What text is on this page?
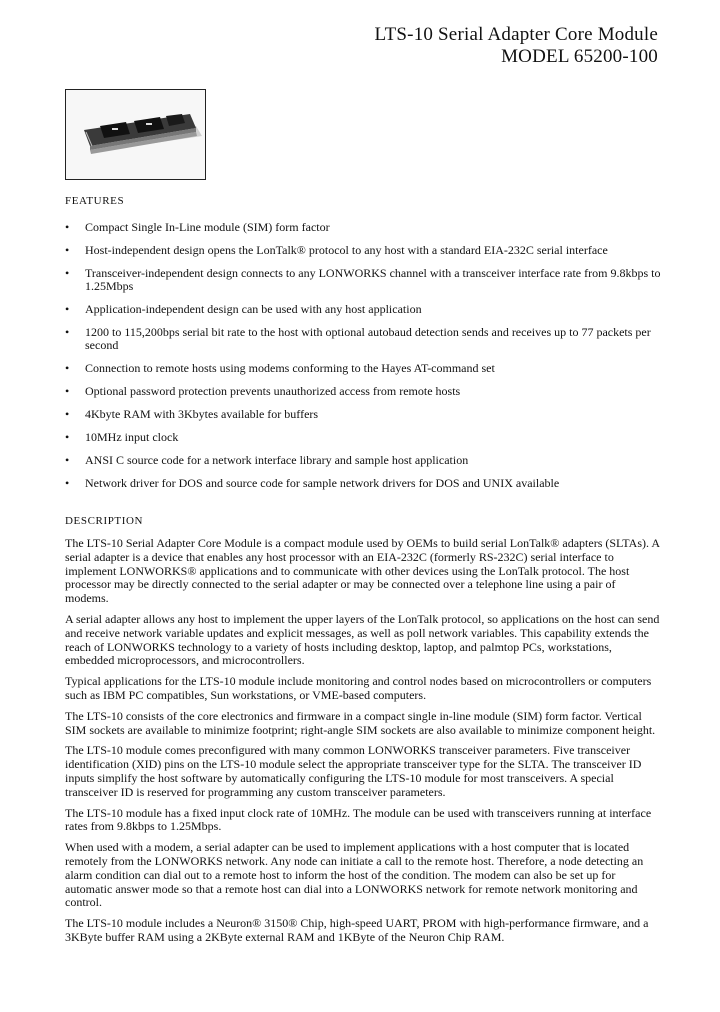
LTS-10 Serial Adapter Core Module
MODEL 65200-100
FEATURES
• Compact Single In-Line module (SIM) form factor
• Host-independent design opens the LonTalk® protocol to any host with a standard EIA-232C serial interface
• Transceiver-independent design connects to any LONWORKS channel with a transceiver interface rate from 9.8kbps to 1.25Mbps
• Application-independent design can be used with any host application
• 1200 to 115,200bps serial bit rate to the host with optional autobaud detection sends and receives up to 77 packets per second
• Connection to remote hosts using modems conforming to the Hayes AT-command set
• Optional password protection prevents unauthorized access from remote hosts
• 4Kbyte RAM with 3Kbytes available for buffers
• 10MHz input clock
• ANSI C source code for a network interface library and sample host application
• Network driver for DOS and source code for sample network drivers for DOS and UNIX available
DESCRIPTION

The LTS-10 Serial Adapter Core Module is a compact module used by OEMs to build serial LonTalk® adapters (SLTAs). A serial adapter is a device that enables any host processor with an EIA-232C (formerly RS-232C) serial interface to implement LONWORKS® applications and to communicate with other devices using the LonTalk protocol. The host processor may be directly connected to the serial adapter or may be connected over a telephone line using a pair of modems.

A serial adapter allows any host to implement the upper layers of the LonTalk protocol, so applications on the host can send and receive network variable updates and explicit messages, as well as poll network variables. This capability extends the reach of LONWORKS technology to a variety of hosts including desktop, laptop, and palmtop PCs, workstations, embedded microprocessors, and microcontrollers.

Typical applications for the LTS-10 module include monitoring and control nodes based on microcontrollers or computers such as IBM PC compatibles, Sun workstations, or VME-based computers.

The LTS-10 consists of the core electronics and firmware in a compact single in-line module (SIM) form factor. Vertical SIM sockets are available to minimize footprint; right-angle SIM sockets are also available to minimize component height.

The LTS-10 module comes preconfigured with many common LONWORKS transceiver parameters. Five transceiver identification (XID) pins on the LTS-10 module select the appropriate transceiver type for the SLTA. The transceiver ID inputs simplify the host software by automatically configuring the LTS-10 module for most transceivers. A special transceiver ID is reserved for programming any custom transceiver parameters.

The LTS-10 module has a fixed input clock rate of 10MHz. The module can be used with transceivers running at interface rates from 9.8kbps to 1.25Mbps.

When used with a modem, a serial adapter can be used to implement applications with a host computer that is located remotely from the LONWORKS network. Any node can initiate a call to the remote host. Therefore, a node detecting an alarm condition can dial out to a remote host to inform the host of the condition. The modem can also be set up for automatic answer mode so that a remote host can dial into a LONWORKS network for remote network monitoring and control.

The LTS-10 module includes a Neuron® 3150® Chip, high-speed UART, PROM with high-performance firmware, and a 3KByte buffer RAM using a 2KByte external RAM and 1KByte of the Neuron Chip RAM.
